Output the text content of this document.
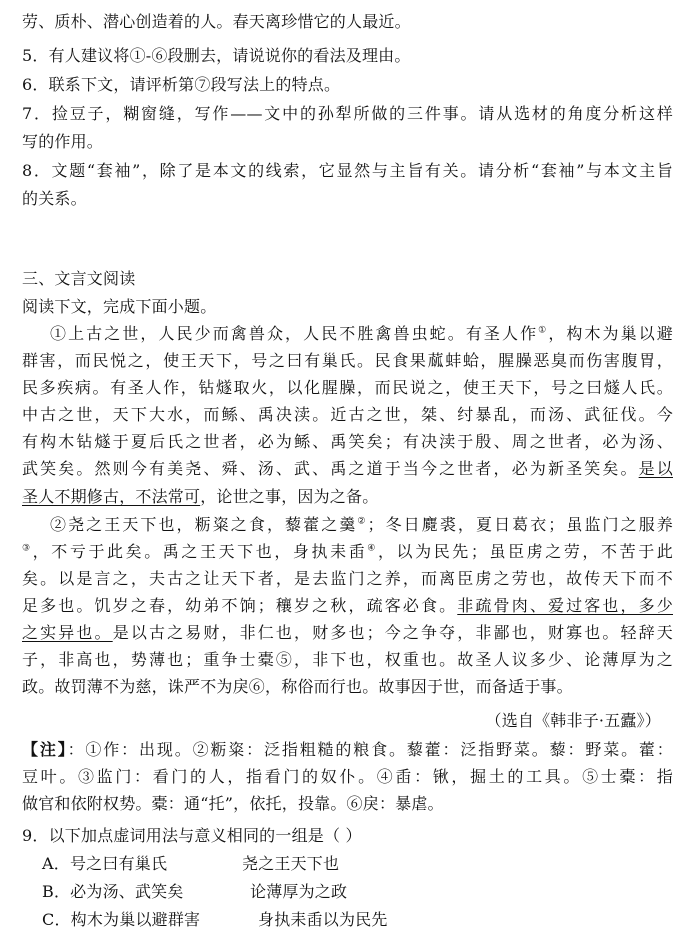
劳、质朴、潜心创造着的人。春天离珍惜它的人最近。
5．有人建议将①-⑥段删去，请说说你的看法及理由。
6．联系下文，请评析第⑦段写法上的特点。
7．捡豆子，糊窗缝，写作——文中的孙犁所做的三件事。请从选材的角度分析这样
写的作用。
8．文题“套袖”，除了是本文的线索，它显然与主旨有关。请分析“套袖”与本文主旨
的关系。
三、文言文阅读
阅读下文，完成下面小题。
①上古之世，人民少而禽兽众，人民不胜禽兽虫蛇。有圣人作①，构木为巢以避
群害，而民悦之，使王天下，号之曰有巢氏。民食果蓏蚌蛤，腥臊恶臭而伤害腹胃，
民多疾病。有圣人作，钻燧取火，以化腥臊，而民说之，使王天下，号之曰燧人氏。
中古之世，天下大水，而鲧、禹决渎。近古之世，桀、纣暴乱，而汤、武征伐。今
有构木钻燧于夏后氏之世者，必为鲧、禹笑矣；有决渎于殷、周之世者，必为汤、
武笑矣。然则今有美尧、舜、汤、武、禹之道于当今之世者，必为新圣笑矣。是以
圣人不期修古，不法常可，论世之事，因为之备。
②尧之王天下也，粝粢之食，藜藿之羹②；冬日麑裘，夏日葛衣；虽监门之服养
③，不亏于此矣。禹之王天下也，身执耒臿④，以为民先；虽臣虏之劳，不苦于此
矣。以是言之，夫古之让天下者，是去监门之养，而离臣虏之劳也，故传天下而不
足多也。饥岁之春，幼弟不饷；穰岁之秋，疏客必食。非疏骨肉、爱过客也，多少
之实异也。是以古之易财，非仁也，财多也；今之争夺，非鄙也，财寡也。轻辞天
子，非高也，势薄也；重争士橐⑤，非下也，权重也。故圣人议多少、论薄厚为之
政。故罚薄不为慈，诛严不为戾⑥，称俗而行也。故事因于世，而备适于事。
（选自《韩非子·五蠹》）
【注】：①作：出现。②粝粢：泛指粗糙的粮食。藜藿：泛指野菜。藜：野菜。藿：
豆叶。③监门：看门的人，指看门的奴仆。④臿：锹，掘土的工具。⑤士橐：指
做官和依附权势。橐：通“托”，依托，投靠。⑥戾：暴虐。
9．以下加点虚词用法与意义相同的一组是（ ）
A．号之曰有巢氏	尧之王天下也
B．必为汤、武笑矣	论薄厚为之政
C．构木为巢以避群害	身执耒臿以为民先
